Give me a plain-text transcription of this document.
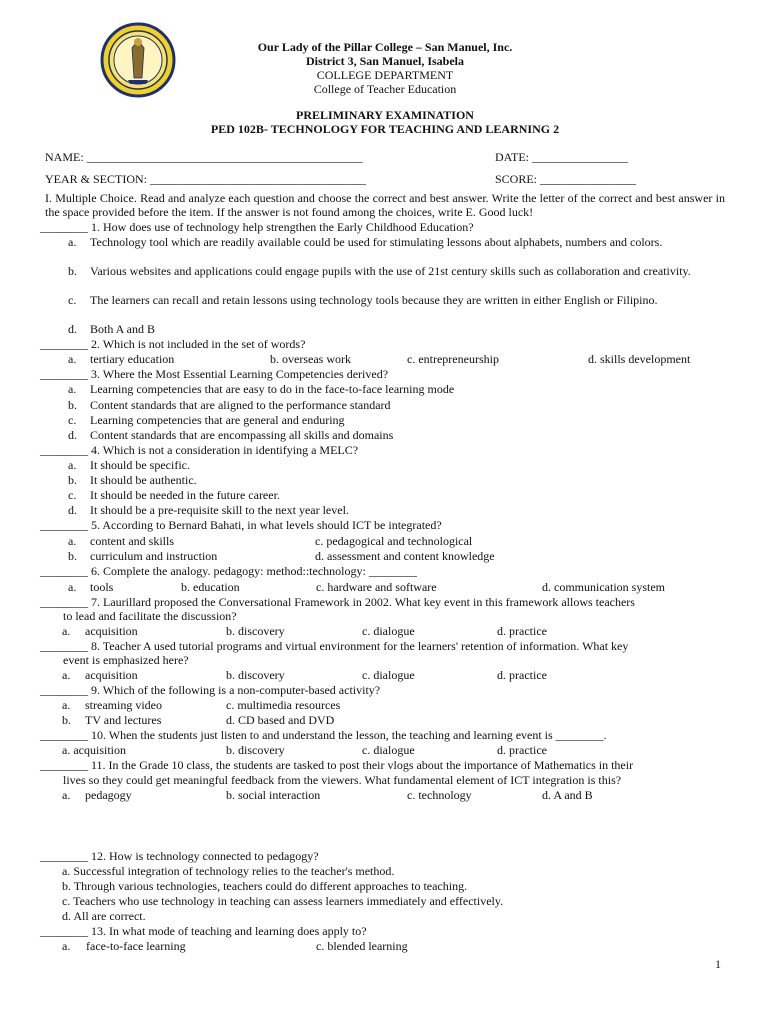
Our Lady of the Pillar College – San Manuel, Inc.
District 3, San Manuel, Isabela
COLLEGE DEPARTMENT
College of Teacher Education
PRELIMINARY EXAMINATION
PED 102B- TECHNOLOGY FOR TEACHING AND LEARNING 2
NAME: ______________________________________________	DATE: ________________
YEAR & SECTION: ____________________________________	SCORE: ________________
I. Multiple Choice. Read and analyze each question and choose the correct and best answer. Write the letter of the correct and best answer in the space provided before the item. If the answer is not found among the choices, write E. Good luck!
________ 1. How does use of technology help strengthen the Early Childhood Education?
a. Technology tool which are readily available could be used for stimulating lessons about alphabets, numbers and colors.
b. Various websites and applications could engage pupils with the use of 21st century skills such as collaboration and creativity.
c. The learners can recall and retain lessons using technology tools because they are written in either English or Filipino.
d. Both A and B
________ 2. Which is not included in the set of words?
a. tertiary education	b. overseas work	c. entrepreneurship	d. skills development
________ 3. Where the Most Essential Learning Competencies derived?
a. Learning competencies that are easy to do in the face-to-face learning mode
b. Content standards that are aligned to the performance standard
c. Learning competencies that are general and enduring
d. Content standards that are encompassing all skills and domains
________ 4. Which is not a consideration in identifying a MELC?
a. It should be specific.
b. It should be authentic.
c. It should be needed in the future career.
d. It should be a pre-requisite skill to the next year level.
________ 5. According to Bernard Bahati, in what levels should ICT be integrated?
a. content and skills	c. pedagogical and technological
b. curriculum and instruction	d. assessment and content knowledge
________ 6. Complete the analogy. pedagogy: method::technology: ________
a. tools	b. education	c. hardware and software	d. communication system
________ 7. Laurillard proposed the Conversational Framework in 2002. What key event in this framework allows teachers
to lead and facilitate the discussion?
a. acquisition	b. discovery	c. dialogue	d. practice
________ 8. Teacher A used tutorial programs and virtual environment for the learners' retention of information. What key
event is emphasized here?
a. acquisition	b. discovery	c. dialogue	d. practice
________ 9. Which of the following is a non-computer-based activity?
a. streaming video	c. multimedia resources
b. TV and lectures	d. CD based and DVD
________ 10. When the students just listen to and understand the lesson, the teaching and learning event is ________.
a. acquisition	b. discovery	c. dialogue	d. practice
________ 11. In the Grade 10 class, the students are tasked to post their vlogs about the importance of Mathematics in their
lives so they could get meaningful feedback from the viewers. What fundamental element of ICT integration is this?
a. pedagogy	b. social interaction	c. technology	d. A and B
________ 12. How is technology connected to pedagogy?
a. Successful integration of technology relies to the teacher's method.
b. Through various technologies, teachers could do different approaches to teaching.
c. Teachers who use technology in teaching can assess learners immediately and effectively.
d. All are correct.
________ 13. In what mode of teaching and learning does apply to?
a. face-to-face learning	c. blended learning
1
